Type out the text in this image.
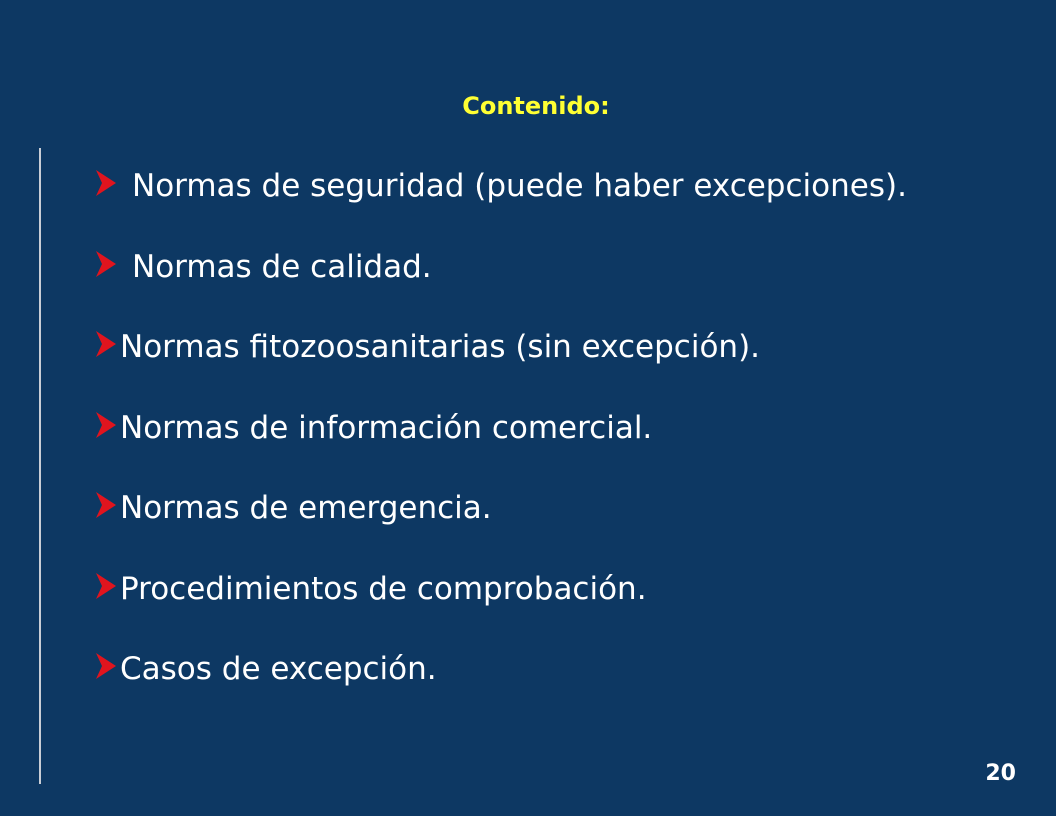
Contenido:
Normas de seguridad (puede haber excepciones).
Normas de calidad.
Normas fitozoosanitarias (sin excepción).
Normas de información comercial.
Normas de emergencia.
Procedimientos de comprobación.
Casos de excepción.
20
